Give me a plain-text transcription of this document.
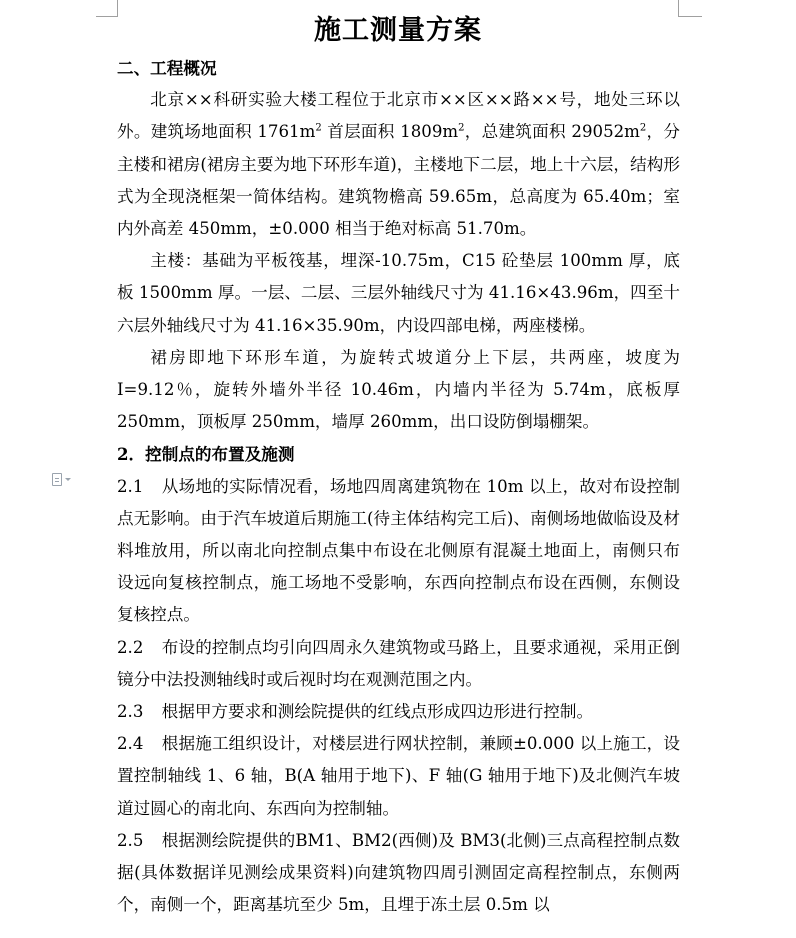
施工测量方案

二、工程概况

北京××科研实验大楼工程位于北京市××区××路××号，地处三环以外。建筑场地面积 $1761m^2$ 首层面积 $1809m^2$，总建筑面积 $29052m^2$，分主楼和裙房(裙房主要为地下环形车道)，主楼地下二层，地上十六层，结构形式为全现浇框架一简体结构。建筑物檐高 59.65m，总高度为 65.40m；室内外高差 450mm，±0.000 相当于绝对标高 51.70m。

主楼：基础为平板筏基，埋深-10.75m，C15 砼垫层 100mm 厚，底板 1500mm 厚。一层、二层、三层外轴线尺寸为 41.16×43.96m，四至十六层外轴线尺寸为 41.16×35.90m，内设四部电梯，两座楼梯。

裙房即地下环形车道，为旋转式坡道分上下层，共两座，坡度为 I=9.12％，旋转外墙外半径 10.46m，内墙内半径为 5.74m，底板厚 250mm，顶板厚 250mm，墙厚 260mm，出口设防倒塌棚架。

2．控制点的布置及施测

2.1 从场地的实际情况看，场地四周离建筑物在 10m 以上，故对布设控制点无影响。由于汽车坡道后期施工(待主体结构完工后)、南侧场地做临设及材料堆放用，所以南北向控制点集中布设在北侧原有混凝土地面上，南侧只布设远向复核控制点，施工场地不受影响，东西向控制点布设在西侧，东侧设复核控点。

2.2 布设的控制点均引向四周永久建筑物或马路上，且要求通视，采用正倒镜分中法投测轴线时或后视时均在观测范围之内。

2.3 根据甲方要求和测绘院提供的红线点形成四边形进行控制。

2.4 根据施工组织设计，对楼层进行网状控制，兼顾±0.000 以上施工，设置控制轴线 1、6 轴，B(A 轴用于地下)、F 轴(G 轴用于地下)及北侧汽车坡道过圆心的南北向、东西向为控制轴。

2.5 根据测绘院提供的BM1、BM2(西侧)及 BM3(北侧)三点高程控制点数据(具体数据详见测绘成果资料)向建筑物四周引测固定高程控制点，东侧两个，南侧一个，距离基坑至少 5m，且埋于冻土层 0.5m 以
